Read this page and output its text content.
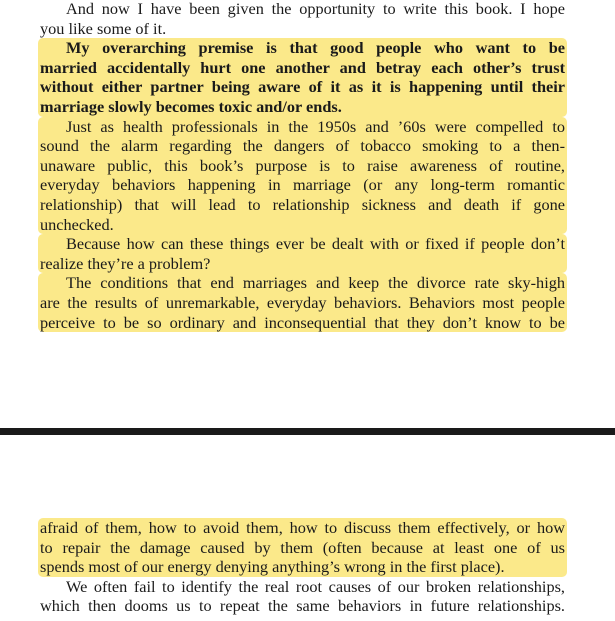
And now I have been given the opportunity to write this book. I hope
you like some of it.
My overarching premise is that good people who want to be
married accidentally hurt one another and betray each other’s trust
without either partner being aware of it as it is happening until their
marriage slowly becomes toxic and/or ends.
Just as health professionals in the 1950s and ’60s were compelled to
sound the alarm regarding the dangers of tobacco smoking to a then-
unaware public, this book’s purpose is to raise awareness of routine,
everyday behaviors happening in marriage (or any long-term romantic
relationship) that will lead to relationship sickness and death if gone
unchecked.
Because how can these things ever be dealt with or fixed if people don’t
realize they’re a problem?
The conditions that end marriages and keep the divorce rate sky-high
are the results of unremarkable, everyday behaviors. Behaviors most people
perceive to be so ordinary and inconsequential that they don’t know to be
afraid of them, how to avoid them, how to discuss them effectively, or how
to repair the damage caused by them (often because at least one of us
spends most of our energy denying anything’s wrong in the first place).
We often fail to identify the real root causes of our broken relationships,
which then dooms us to repeat the same behaviors in future relationships.
